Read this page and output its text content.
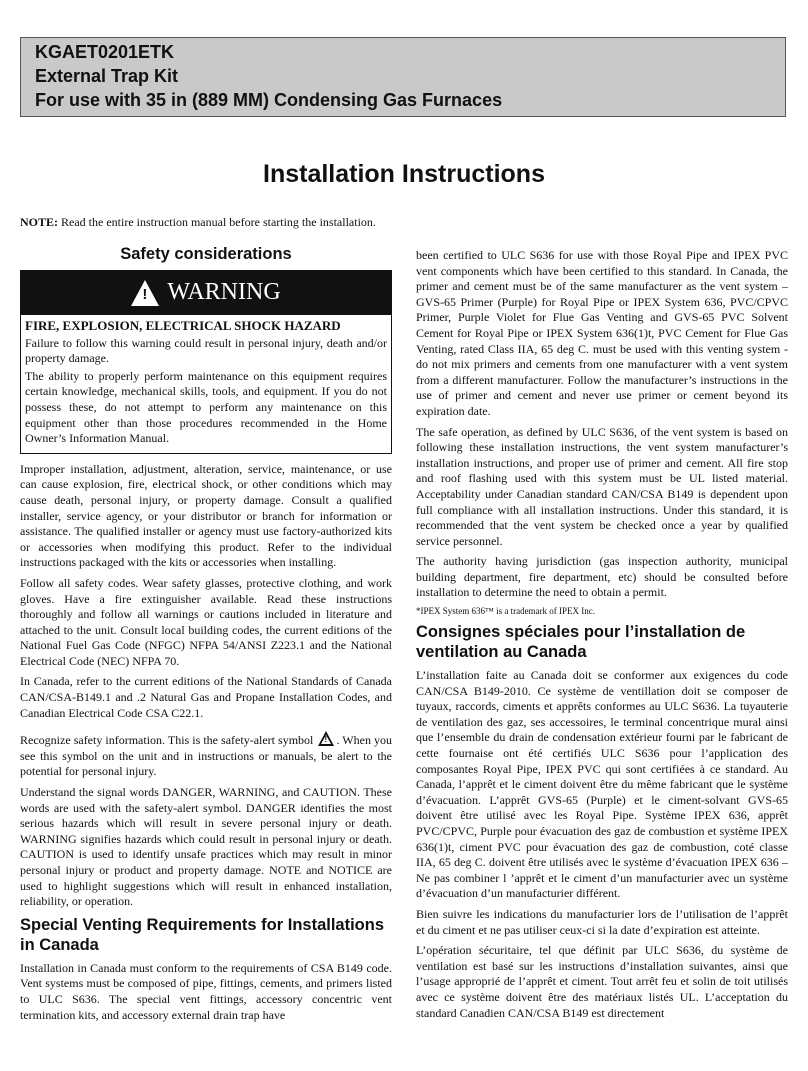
KGAET0201ETK
External Trap Kit
For use with 35 in (889 MM) Condensing Gas Furnaces
Installation Instructions
NOTE: Read the entire instruction manual before starting the installation.
Safety considerations
! WARNING

FIRE, EXPLOSION, ELECTRICAL SHOCK HAZARD

Failure to follow this warning could result in personal injury, death and/or property damage.

The ability to properly perform maintenance on this equipment requires certain knowledge, mechanical skills, tools, and equipment. If you do not possess these, do not attempt to perform any maintenance on this equipment other than those procedures recommended in the Home Owner’s Information Manual.

Improper installation, adjustment, alteration, service, maintenance, or use can cause explosion, fire, electrical shock, or other conditions which may cause death, personal injury, or property damage. Consult a qualified installer, service agency, or your distributor or branch for information or assistance. The qualified installer or agency must use factory-authorized kits or accessories when modifying this product. Refer to the individual instructions packaged with the kits or accessories when installing.

Follow all safety codes. Wear safety glasses, protective clothing, and work gloves. Have a fire extinguisher available. Read these instructions thoroughly and follow all warnings or cautions included in literature and attached to the unit. Consult local building codes, the current editions of the National Fuel Gas Code (NFGC) NFPA 54/ANSI Z223.1 and the National Electrical Code (NEC) NFPA 70.

In Canada, refer to the current editions of the National Standards of Canada CAN/CSA-B149.1 and .2 Natural Gas and Propane Installation Codes, and Canadian Electrical Code CSA C22.1.

Recognize safety information. This is the safety-alert symbol ! . When you see this symbol on the unit and in instructions or manuals, be alert to the potential for personal injury.

Understand the signal words DANGER, WARNING, and CAUTION. These words are used with the safety-alert symbol. DANGER identifies the most serious hazards which will result in severe personal injury or death. WARNING signifies hazards which could result in personal injury or death. CAUTION is used to identify unsafe practices which may result in minor personal injury or product and property damage. NOTE and NOTICE are used to highlight suggestions which will result in enhanced installation, reliability, or operation.

Special Venting Requirements for Installations in Canada

Installation in Canada must conform to the requirements of CSA B149 code. Vent systems must be composed of pipe, fittings, cements, and primers listed to ULC S636. The special vent fittings, accessory concentric vent termination kits, and accessory external drain trap have

been certified to ULC S636 for use with those Royal Pipe and IPEX PVC vent components which have been certified to this standard. In Canada, the primer and cement must be of the same manufacturer as the vent system – GVS-65 Primer (Purple) for Royal Pipe or IPEX System 636, PVC/CPVC Primer, Purple Violet for Flue Gas Venting and GVS-65 PVC Solvent Cement for Royal Pipe or IPEX System 636(1)t, PVC Cement for Flue Gas Venting, rated Class IIA, 65 deg C. must be used with this venting system - do not mix primers and cements from one manufacturer with a vent system from a different manufacturer. Follow the manufacturer’s instructions in the use of primer and cement and never use primer or cement beyond its expiration date.

The safe operation, as defined by ULC S636, of the vent system is based on following these installation instructions, the vent system manufacturer’s installation instructions, and proper use of primer and cement. All fire stop and roof flashing used with this system must be UL listed material. Acceptability under Canadian standard CAN/CSA B149 is dependent upon full compliance with all installation instructions. Under this standard, it is recommended that the vent system be checked once a year by qualified service personnel.

The authority having jurisdiction (gas inspection authority, municipal building department, fire department, etc) should be consulted before installation to determine the need to obtain a permit.

*IPEX System 636™ is a trademark of IPEX Inc.

Consignes spéciales pour l’installation de ventilation au Canada

L’installation faite au Canada doit se conformer aux exigences du code CAN/CSA B149-2010. Ce système de ventillation doit se composer de tuyaux, raccords, ciments et apprêts conformes au ULC S636. La tuyauterie de ventilation des gaz, ses accessoires, le terminal concentrique mural ainsi que l’ensemble du drain de condensation extérieur fourni par le fabricant de cette fournaise ont été certifiés ULC S636 pour l’application des composantes Royal Pipe, IPEX PVC qui sont certifiées à ce standard. Au Canada, l’apprêt et le ciment doivent être du même fabricant que le système d’évacuation. L’apprêt GVS-65 (Purple) et le ciment-solvant GVS-65 doivent être utilisé avec les Royal Pipe. Système IPEX 636, apprêt PVC/CPVC, Purple pour évacuation des gaz de combustion et système IPEX 636(1)t, ciment PVC pour évacuation des gaz de combustion, coté classe IIA, 65 deg C. doivent être utilisés avec le système d’évacuation IPEX 636 – Ne pas combiner l ’apprêt et le ciment d’un manufacturier avec un système d’évacuation d’un manufacturier différent.

Bien suivre les indications du manufacturier lors de l’utilisation de l’apprêt et du ciment et ne pas utiliser ceux-ci si la date d’expiration est atteinte.

L’opération sécuritaire, tel que définit par ULC S636, du système de ventilation est basé sur les instructions d’installation suivantes, ainsi que l’usage approprié de l’apprêt et ciment. Tout arrêt feu et solin de toit utilisés avec ce système doivent être des matériaux listés UL. L’acceptation du standard Canadien CAN/CSA B149 est directement
